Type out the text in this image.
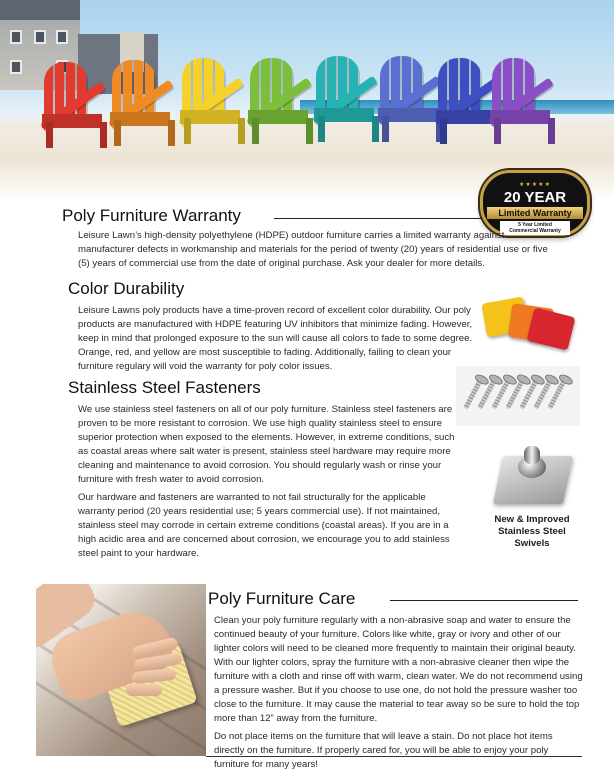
★★★★★
20 YEAR
Limited Warranty
5 Year Limited
Commercial Warranty
Poly Furniture Warranty

Leisure Lawn’s high-density polyethylene (HDPE) outdoor furniture carries a limited warranty against manufacturer defects in workmanship and materials for the period of twenty (20) years of residential use or five (5) years of commercial use from the date of original purchase. Ask your dealer for more details.

Color Durability

Leisure Lawns poly products have a time-proven record of excellent color durability. Our poly products are manufactured with HDPE featuring UV inhibitors that minimize fading. However, keep in mind that prolonged exposure to the sun will cause all colors to fade to some degree. Orange, red, and yellow are most susceptible to fading. Additionally, failing to clean your furniture regulary will void the warranty for poly color issues.

Stainless Steel Fasteners

We use stainless steel fasteners on all of our poly furniture. Stainless steel fasteners are proven to be more resistant to corrosion. We use high quality stainless steel to ensure superior protection when exposed to the elements. However, in extreme conditions, such as coastal areas where salt water is present, stainless steel hardware may require more cleaning and maintenance to avoid corrosion. You should regularly wash or rinse your furniture with fresh water to avoid corrosion.

Our hardware and fasteners are warranted to not fail structurally for the applicable warranty period (20 years residential use; 5 years commercial use). If not maintained, stainless steel may corrode in certain extreme conditions (coastal areas). If you are in a high acidic area and are concerned about corrosion, we encourage you to add stainless steel paint to your hardware.

New & Improved
Stainless Steel
Swivels
Poly Furniture Care

Clean your poly furniture regularly with a non-abrasive soap and water to ensure the continued beauty of your furniture. Colors like white, gray or ivory and other of our lighter colors will need to be cleaned more frequently to maintain their original beauty. With our lighter colors, spray the furniture with a non-abrasive cleaner then wipe the furniture with a cloth and rinse off with warm, clean water. We do not recommend using a pressure washer. But if you choose to use one, do not hold the pressure washer too close to the furniture. It may cause the material to tear away so be sure to hold the top more than 12” away from the furniture.

Do not place items on the furniture that will leave a stain. Do not place hot items directly on the furniture. If properly cared for, you will be able to enjoy your poly furniture for many years!
